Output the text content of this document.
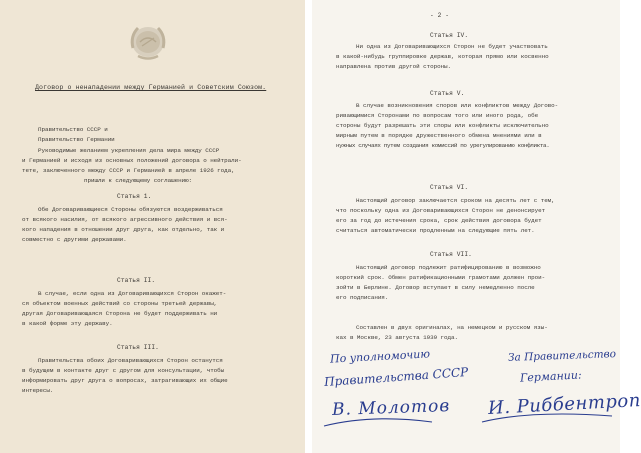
Договор о ненападении между Германией и Советским Союзом.
Правительство СССР и
Правительство Германии
Руководимые желанием укрепления дела мира между СССР
и Германией и исходя из основных положений договора о нейтрали-
тете, заключенного между СССР и Германией в апреле 1926 года,
пришли к следующему соглашению:
Статья 1.
Обе Договаривающиеся Стороны обязуются воздерживаться
от всякого насилия, от всякого агрессивного действия и вся-
кого нападения в отношении друг друга, как отдельно, так и
совместно с другими державами.
Статья II.
В случае, если одна из Договаривающихся Сторон окажет-
ся объектом военных действий со стороны третьей державы,
другая Договаривающаяся Сторона не будет поддерживать ни
в какой форме эту державу.
Статья III.
Правительства обоих Договаривающихся Сторон останутся
в будущем в контакте друг с другом для консультации, чтобы
информировать друг друга о вопросах, затрагивающих их общие
интересы.
- 2 -
Статья IV.
Ни одна из Договаривающихся Сторон не будет участвовать
в какой-нибудь группировке держав, которая прямо или косвенно
направлена против другой стороны.
Статья V.
В случае возникновения споров или конфликтов между Догово-
ривающимися Сторонами по вопросам того или иного рода, обе
стороны будут разрешать эти споры или конфликты исключительно
мирным путем в порядке дружественного обмена мнениями или в
нужных случаях путем создания комиссий по урегулированию конфликта.
Статья VI.
Настоящий договор заключается сроком на десять лет с тем,
что поскольку одна из Договаривающихся Сторон не денонсирует
его за год до истечения срока, срок действия договора будет
считаться автоматически продленным на следующие пять лет.
Статья VII.
Настоящий договор подлежит ратифицированию в возможно
короткий срок. Обмен ратификационными грамотами должен прои-
зойти в Берлине. Договор вступает в силу немедленно после
его подписания.
Составлен в двух оригиналах, на немецком и русском язы-
ках в Москве, 23 августа 1939 года.
По уполномочию
Правительства СССР
За Правительство
Германии:
В. Молотов И. Риббентроп
